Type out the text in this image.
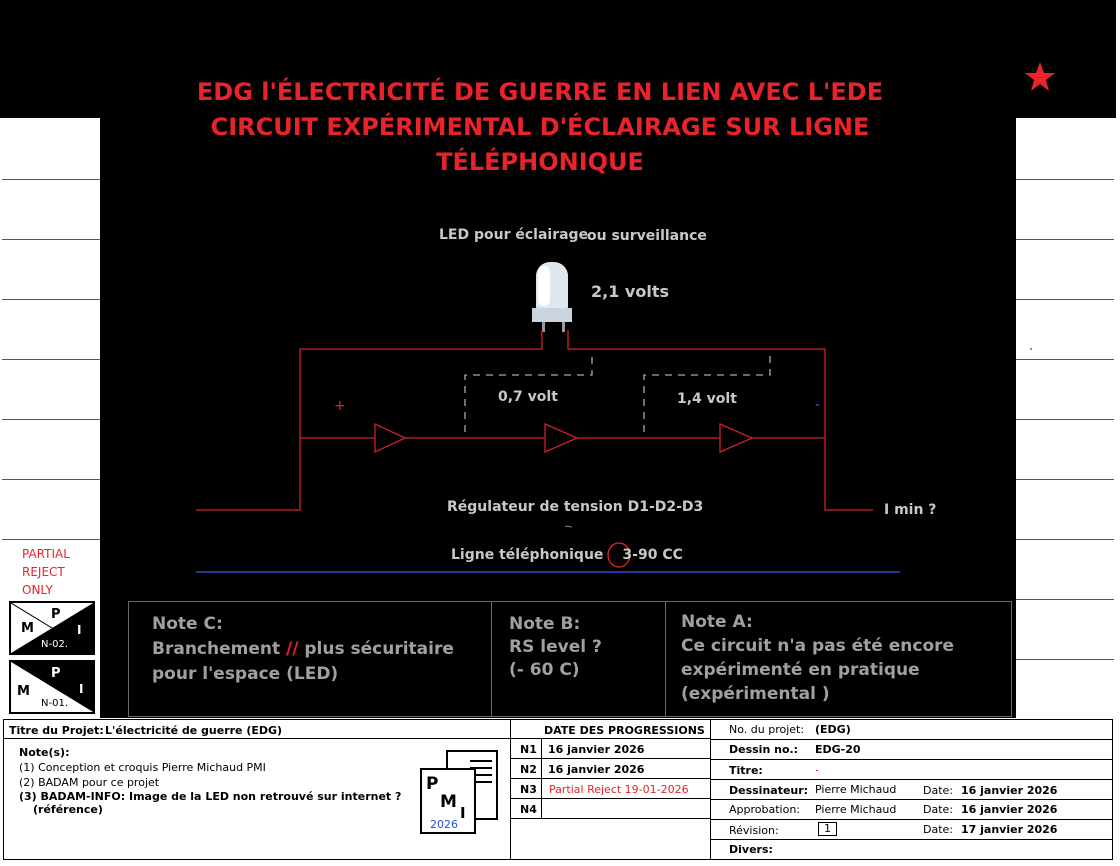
EDG l'ÉLECTRICITÉ DE GUERRE EN LIEN AVEC L'EDE
CIRCUIT EXPÉRIMENTAL D'ÉCLAIRAGE SUR LIGNE
TÉLÉPHONIQUE
LED pour éclairage
ou surveillance
2,1 volts
+	-
0,7 volt	1,4 volt
I min ?
Régulateur de tension D1-D2-D3
Ligne téléphonique 3-90 CC
PARTIAL
REJECT
ONLY
M
P
I
N-02.
M
P
I
N-01.
Note C:
Branchement // plus sécuritaire
pour l'espace (LED)
Note B:
RS level ?
(- 60 C)
Note A:
Ce circuit n'a pas été encore
expérimenté en pratique
(expérimental )
Titre du Projet: L'électricité de guerre (EDG)
Note(s):
(1) Conception et croquis Pierre Michaud PMI
(2) BADAM pour ce projet
(3) BADAM-INFO: Image de la LED non retrouvé sur internet ?
(référence)
P
M
I
2026
DATE DES PROGRESSIONS
N1 16 janvier 2026
N2 16 janvier 2026
N3 Partial Reject 19-01-2026
N4
No. du projet: (EDG)
Dessin no.: EDG-20
Titre:
Dessinateur: Pierre Michaud Date: 16 janvier 2026
Approbation: Pierre Michaud Date: 16 janvier 2026
Révision:	1	Date: 17 janvier 2026
Divers:
